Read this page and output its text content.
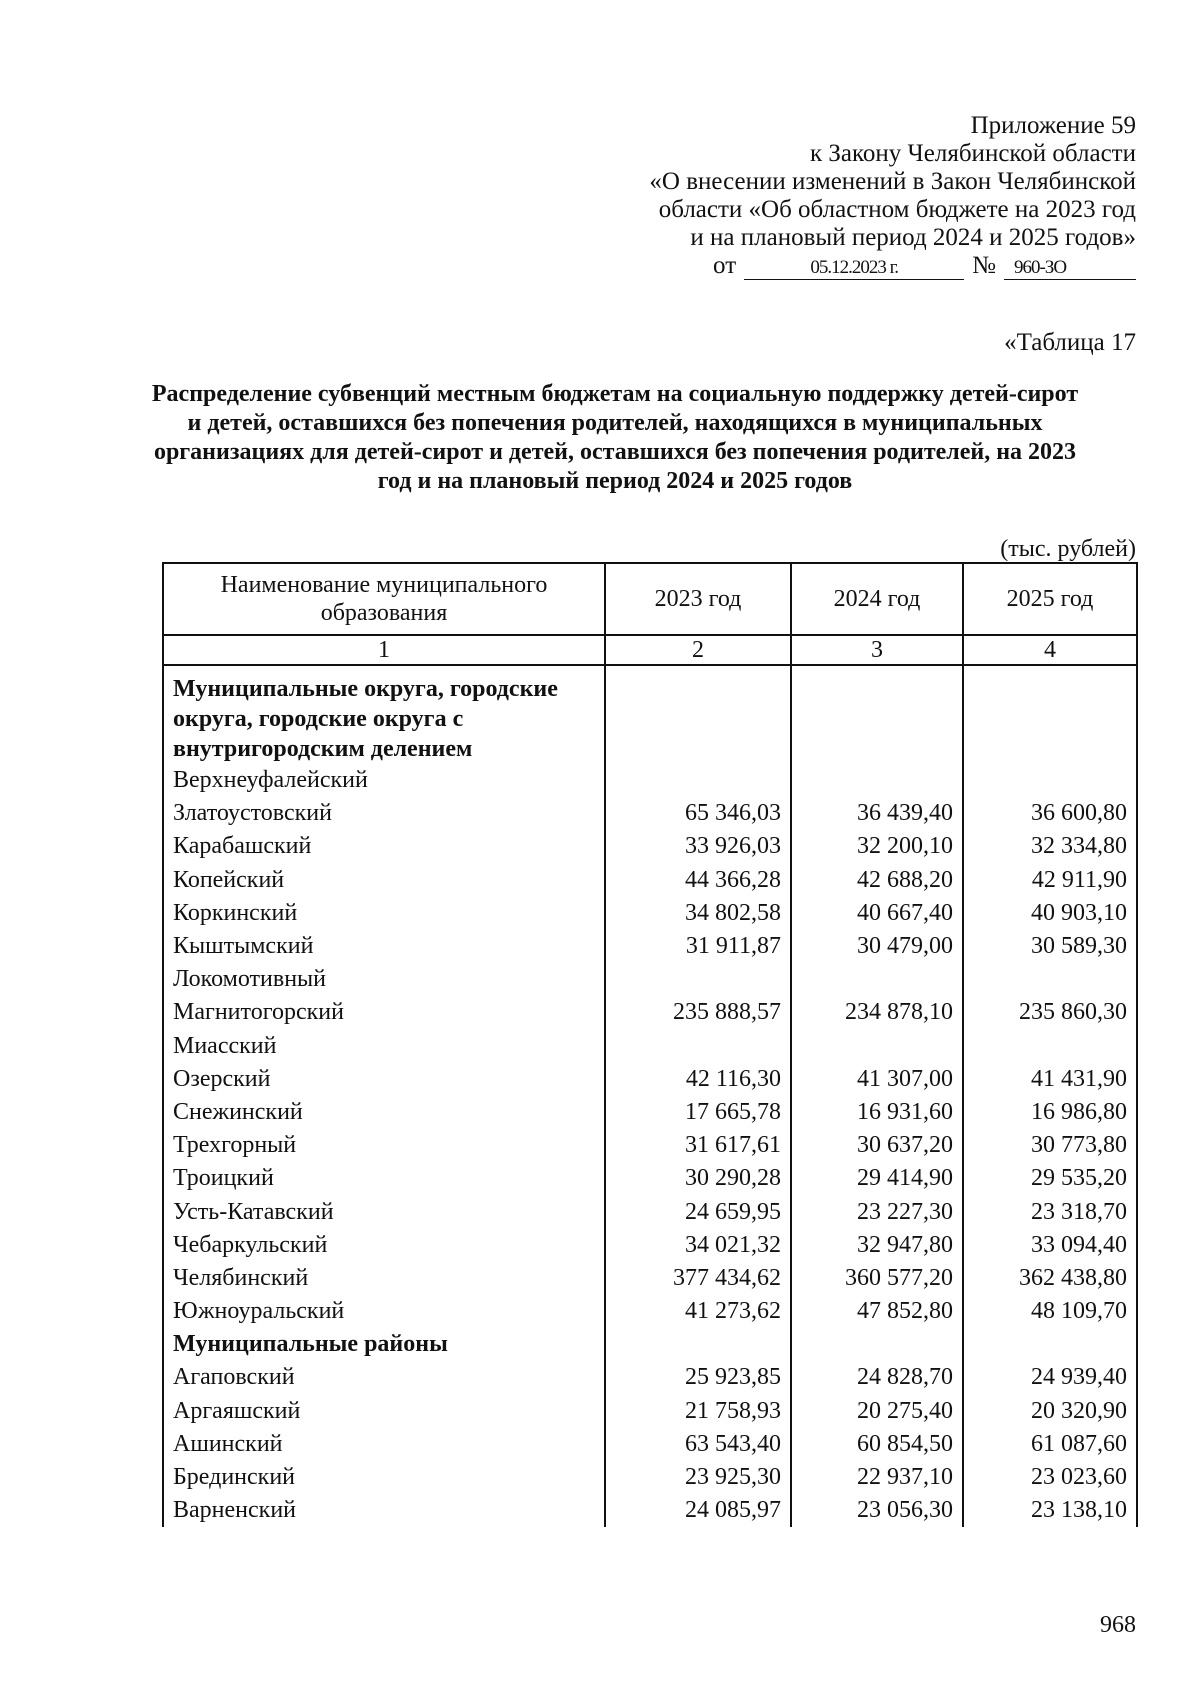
Приложение 59
к Закону Челябинской области
«О внесении изменений в Закон Челябинской
области «Об областном бюджете на 2023 год
и на плановый период 2024 и 2025 годов»
от	05.12.2023 г.	№ 960-ЗО
«Таблица 17
Распределение субвенций местным бюджетам на социальную поддержку детей-сирот и детей, оставшихся без попечения родителей, находящихся в муниципальных организациях для детей-сирот и детей, оставшихся без попечения родителей, на 2023 год и на плановый период 2024 и 2025 годов
(тыс. рублей)
Наименование муниципального образования	2023 год	2024 год	2025 год
1	2	3	4
Муниципальные округа, городские округа, городские округа с внутригородским делением			
Верхнеуфалейский			
Златоустовский	65 346,03	36 439,40	36 600,80
Карабашский	33 926,03	32 200,10	32 334,80
Копейский	44 366,28	42 688,20	42 911,90
Коркинский	34 802,58	40 667,40	40 903,10
Кыштымский	31 911,87	30 479,00	30 589,30
Локомотивный			
Магнитогорский	235 888,57	234 878,10	235 860,30
Миасский			
Озерский	42 116,30	41 307,00	41 431,90
Снежинский	17 665,78	16 931,60	16 986,80
Трехгорный	31 617,61	30 637,20	30 773,80
Троицкий	30 290,28	29 414,90	29 535,20
Усть-Катавский	24 659,95	23 227,30	23 318,70
Чебаркульский	34 021,32	32 947,80	33 094,40
Челябинский	377 434,62	360 577,20	362 438,80
Южноуральский	41 273,62	47 852,80	48 109,70
Муниципальные районы			
Агаповский	25 923,85	24 828,70	24 939,40
Аргаяшский	21 758,93	20 275,40	20 320,90
Ашинский	63 543,40	60 854,50	61 087,60
Брединский	23 925,30	22 937,10	23 023,60
Варненский	24 085,97	23 056,30	23 138,10
968
